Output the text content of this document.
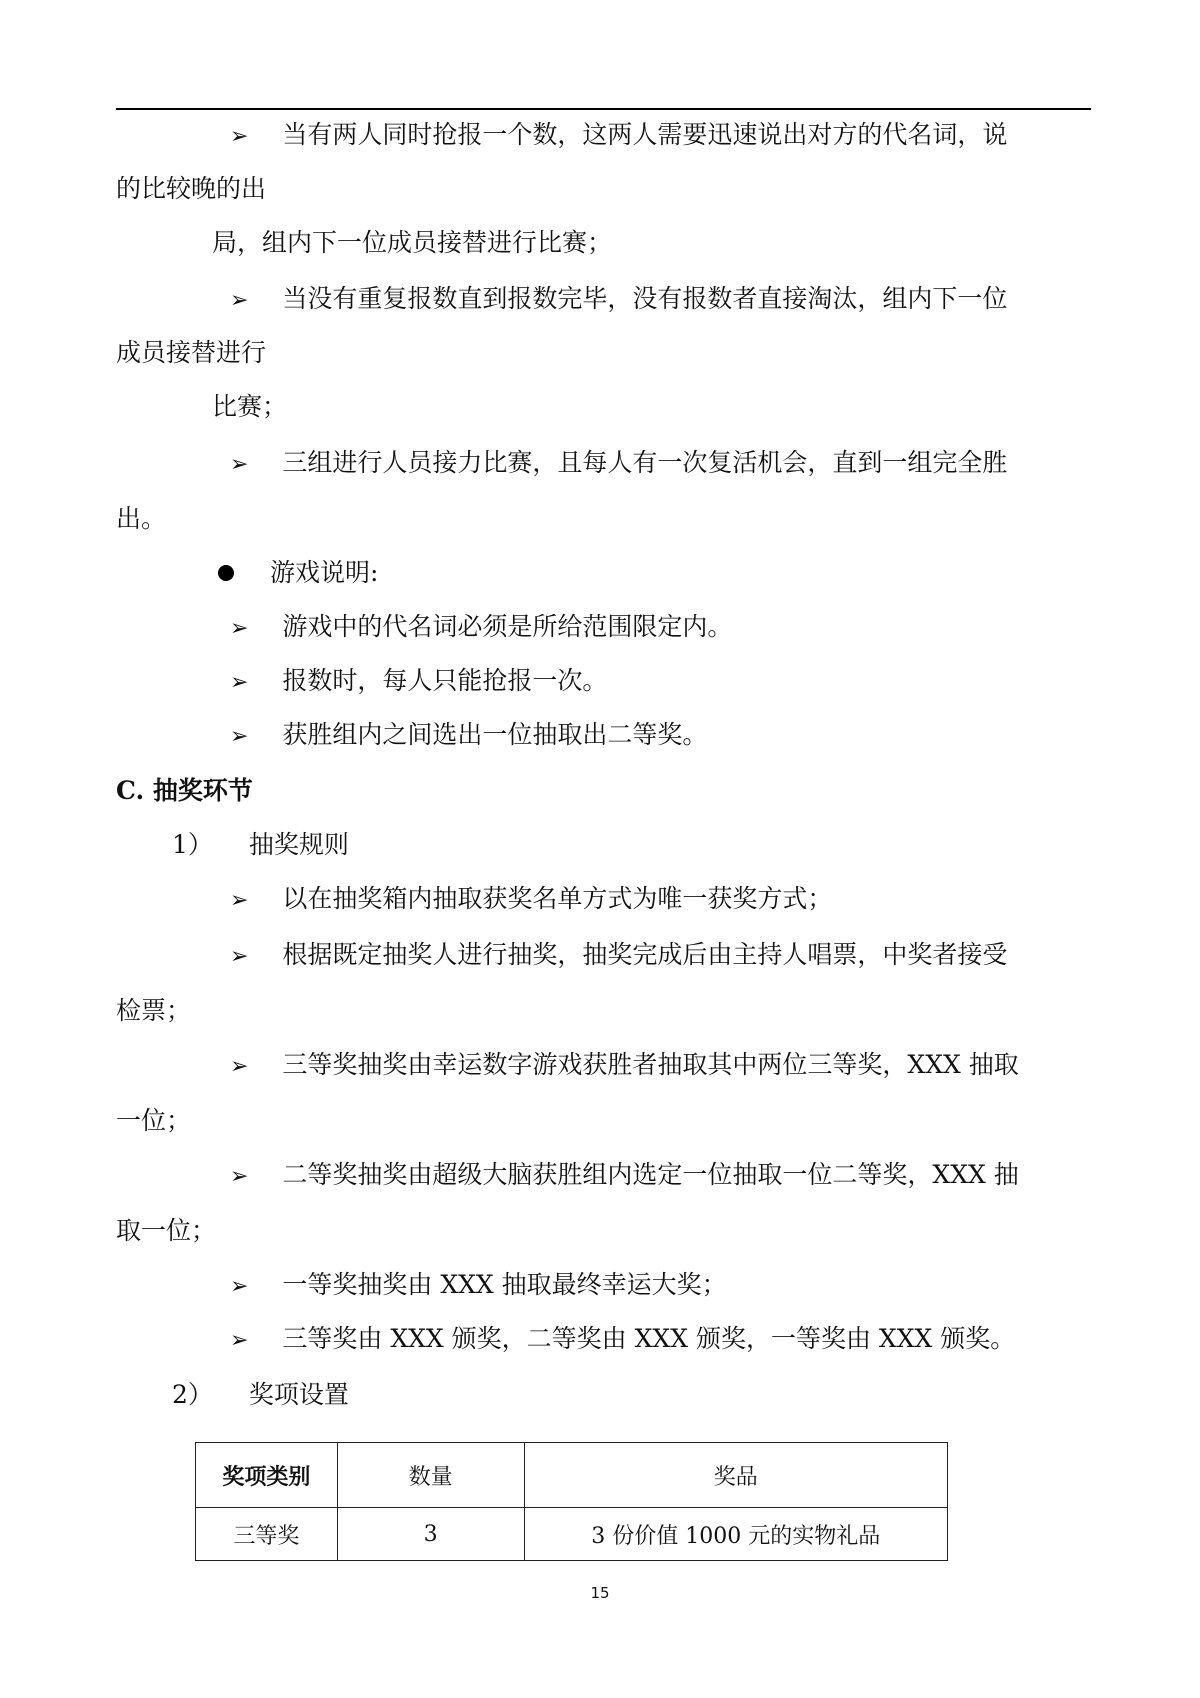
➢ 当有两人同时抢报一个数，这两人需要迅速说出对方的代名词，说
的比较晚的出
局，组内下一位成员接替进行比赛；
➢ 当没有重复报数直到报数完毕，没有报数者直接淘汰，组内下一位
成员接替进行
比赛；
➢ 三组进行人员接力比赛，且每人有一次复活机会，直到一组完全胜
出。
游戏说明:
➢ 游戏中的代名词必须是所给范围限定内。
➢ 报数时，每人只能抢报一次。
➢ 获胜组内之间选出一位抽取出二等奖。
C. 抽奖环节
1） 抽奖规则
➢ 以在抽奖箱内抽取获奖名单方式为唯一获奖方式；
➢ 根据既定抽奖人进行抽奖，抽奖完成后由主持人唱票，中奖者接受
检票；
➢ 三等奖抽奖由幸运数字游戏获胜者抽取其中两位三等奖，XXX 抽取
一位；
➢ 二等奖抽奖由超级大脑获胜组内选定一位抽取一位二等奖，XXX 抽
取一位；
➢ 一等奖抽奖由 XXX 抽取最终幸运大奖；
➢ 三等奖由 XXX 颁奖，二等奖由 XXX 颁奖，一等奖由 XXX 颁奖。
2） 奖项设置
奖项类别	数量	奖品
三等奖	3	3 份价值 1000 元的实物礼品
15
